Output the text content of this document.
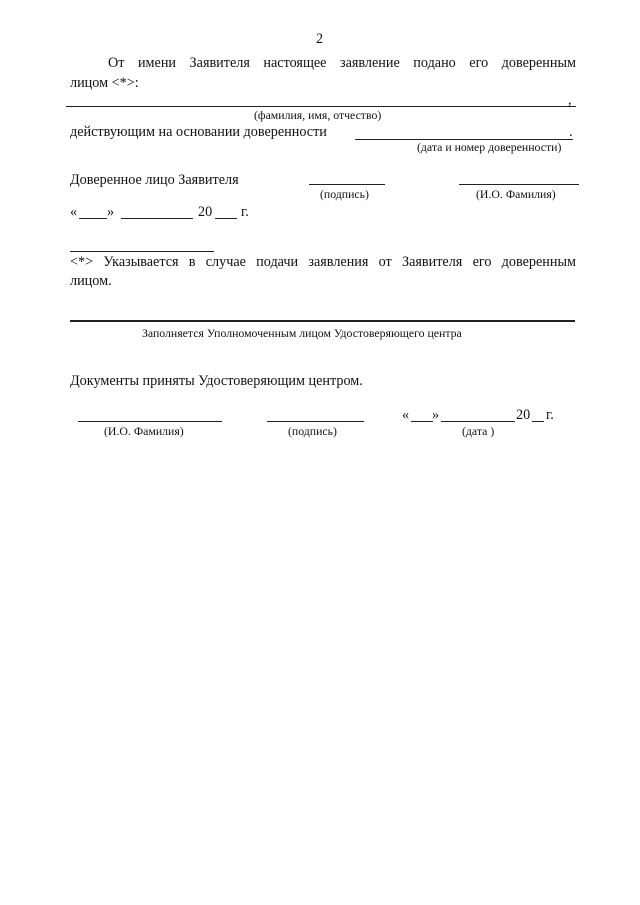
2
От имени Заявителя настоящее заявление подано его доверенным
лицом <*>:
,
(фамилия, имя, отчество)
действующим на основании доверенности	.
(дата и номер доверенности)
Доверенное лицо Заявителя
(подпись)	(И.О. Фамилия)
« »	20 г.
<*> Указывается в случае подачи заявления от Заявителя его доверенным
лицом.
Заполняется Уполномоченным лицом Удостоверяющего центра
Документы приняты Удостоверяющим центром.
(И.О. Фамилия)	(подпись)
« »	20 г.
(дата )
